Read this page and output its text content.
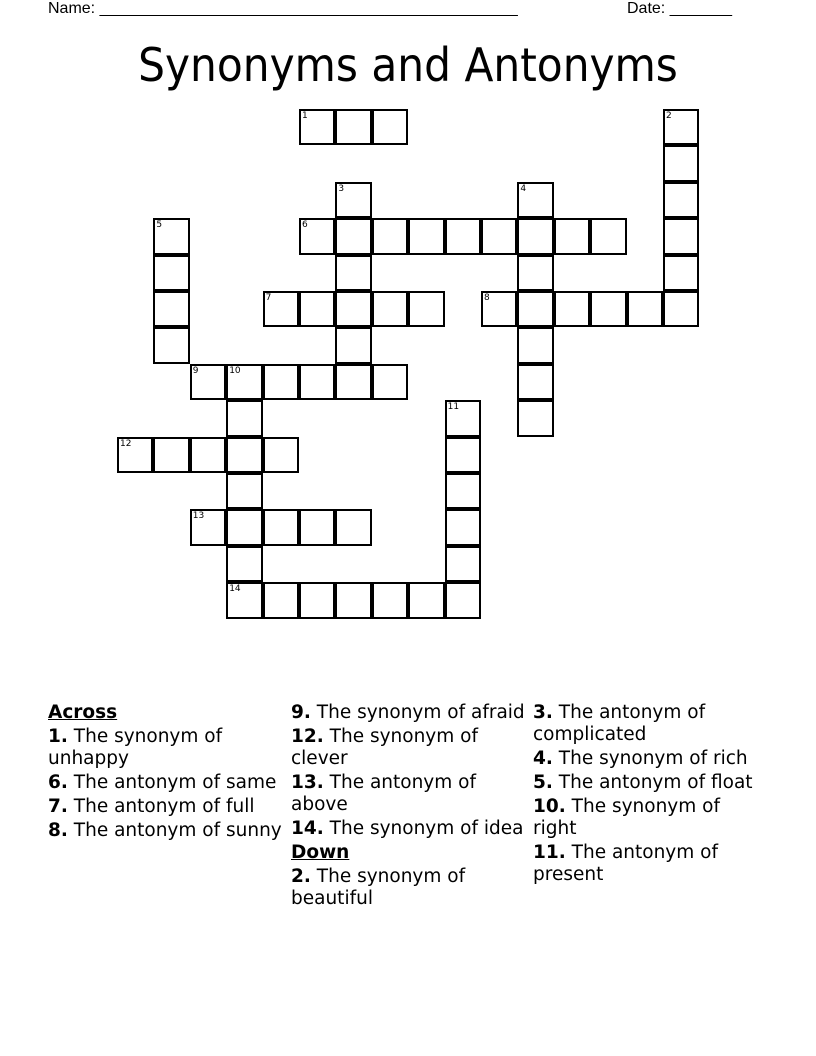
Name: _______________________________________________	Date: _______
Synonyms and Antonyms
1	2
3	4
5	6
7	8
9	10
14
11
12
13
Across
1. The synonym of unhappy
6. The antonym of same
7. The antonym of full
8. The antonym of sunny
9. The synonym of afraid
12. The synonym of clever
13. The antonym of above
14. The synonym of idea
Down
2. The synonym of beautiful
3. The antonym of complicated
4. The synonym of rich
5. The antonym of float
10. The synonym of right
11. The antonym of present
